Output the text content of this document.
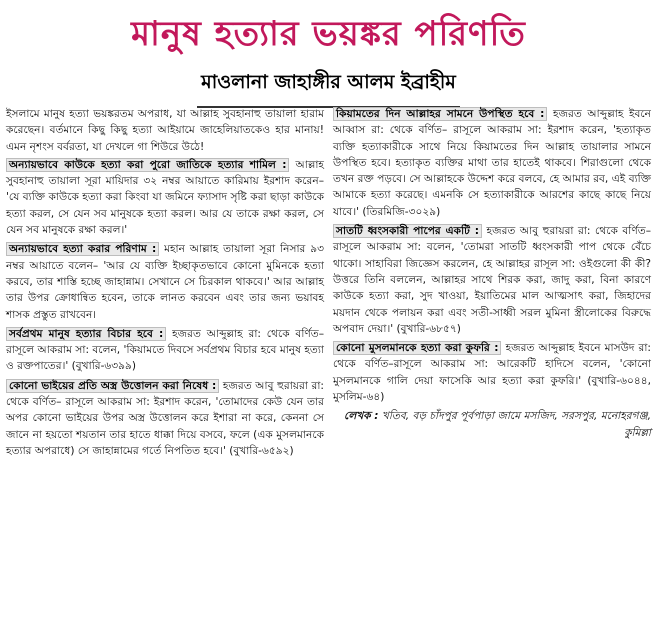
মানুষ হত্যার ভয়ঙ্কর পরিণতি
মাওলানা জাহাঙ্গীর আলম ইব্রাহীম

ইসলামে মানুষ হত্যা ভয়ঙ্করতম অপরাধ, যা আল্লাহ সুবহানাহু তায়ালা হারাম করেছেন। বর্তমানে কিছু কিছু হত্যা আইয়ামে জাহেলিয়াতকেও হার মানায়! এমন নৃশংস বর্বরতা, যা দেখলে গা শিউরে উঠে!

অন্যায়ভাবে কাউকে হত্যা করা পুরো জাতিকে হত্যার শামিল : আল্লাহ সুবহানাহু তায়ালা সূরা মায়িদার ৩২ নম্বর আয়াতে কারিমায় ইরশাদ করেন– 'যে ব্যক্তি কাউকে হত্যা করা কিংবা যা জমিনে ফ্যাসাদ সৃষ্টি করা ছাড়া কাউকে হত্যা করল, সে যেন সব মানুষকে হত্যা করল। আর যে তাকে রক্ষা করল, সে যেন সব মানুষকে রক্ষা করল।'

অন্যায়ভাবে হত্যা করার পরিণাম : মহান আল্লাহ তায়ালা সূরা নিসার ৯৩ নম্বর আয়াতে বলেন– 'আর যে ব্যক্তি ইচ্ছাকৃতভাবে কোনো মুমিনকে হত্যা করবে, তার শাস্তি হচ্ছে জাহান্নাম। সেখানে সে চিরকাল থাকবে।' আর আল্লাহ তার উপর ক্রোধান্বিত হবেন, তাকে লানত করবেন এবং তার জন্য ভয়াবহ শাসক প্রস্তুত রাখবেন।

সর্বপ্রথম মানুষ হত্যার বিচার হবে : হজরত আব্দুল্লাহ রা: থেকে বর্ণিত– রাসূলে আকরাম সা: বলেন, 'কিয়ামতে দিবসে সর্বপ্রথম বিচার হবে মানুষ হত্যা ও রক্তপাতের।' (বুখারি-৬৩৯৯)

কোনো ভাইয়ের প্রতি অস্ত্র উত্তোলন করা নিষেধ : হজরত আবু হুরায়রা রা: থেকে বর্ণিত– রাসূলে আকরাম সা: ইরশাদ করেন, 'তোমাদের কেউ যেন তার অপর কোনো ভাইয়ের উপর অস্ত্র উত্তোলন করে ইশারা না করে, কেননা সে জানে না হয়তো শয়তান তার হাতে ধাক্কা দিয়ে বসবে, ফলে (এক মুসলমানকে হত্যার অপরাধে) সে জাহান্নামের গর্তে নিপতিত হবে।' (বুখারি-৬৫৯২)

কিয়ামতের দিন আল্লাহর সামনে উপস্থিত হবে : হজরত আব্দুল্লাহ ইবনে আব্বাস রা: থেকে বর্ণিত– রাসূলে আকরাম সা: ইরশাদ করেন, 'হত্যাকৃত ব্যক্তি হত্যাকারীকে সাথে নিয়ে কিয়ামতের দিন আল্লাহ তায়ালার সামনে উপস্থিত হবে। হত্যাকৃত ব্যক্তির মাথা তার হাতেই থাকবে। শিরাগুলো থেকে তখন রক্ত পড়বে। সে আল্লাহকে উদ্দেশ করে বলবে, হে আমার রব, এই ব্যক্তি আমাকে হত্যা করেছে। এমনকি সে হত্যাকারীকে আরশের কাছে কাছে নিয়ে যাবে।' (তিরমিজি-৩০২৯)

সাতটি ধ্বংসকারী পাপের একটি : হজরত আবু হুরায়রা রা: থেকে বর্ণিত– রাসূলে আকরাম সা: বলেন, 'তোমরা সাতটি ধ্বংসকারী পাপ থেকে বেঁচে থাকো। সাহাবিরা জিজ্ঞেস করলেন, হে আল্লাহর রাসূল সা: ওইগুলো কী কী? উত্তরে তিনি বললেন, আল্লাহর সাথে শিরক করা, জাদু করা, বিনা কারণে কাউকে হত্যা করা, সুদ খাওয়া, ইয়াতিমের মাল আত্মসাৎ করা, জিহাদের ময়দান থেকে পলায়ন করা এবং সতী-সাধ্বী সরল মুমিনা স্ত্রীলোকের বিরুদ্ধে অপবাদ দেয়া।' (বুখারি-৬৮৫৭)

কোনো মুসলমানকে হত্যা করা কুফরি : হজরত আব্দুল্লাহ ইবনে মাসউদ রা: থেকে বর্ণিত–রাসূলে আকরাম সা: আরেকটি হাদিসে বলেন, 'কোনো মুসলমানকে গালি দেয়া ফাসেকি আর হত্যা করা কুফরি।' (বুখারি-৬০৪৪, মুসলিম-৬৪)

লেখক : খতিব, বড় চাঁদপুর পূর্বপাড়া জামে মসজিদ, সরসপুর, মনোহরগঞ্জ, কুমিল্লা
